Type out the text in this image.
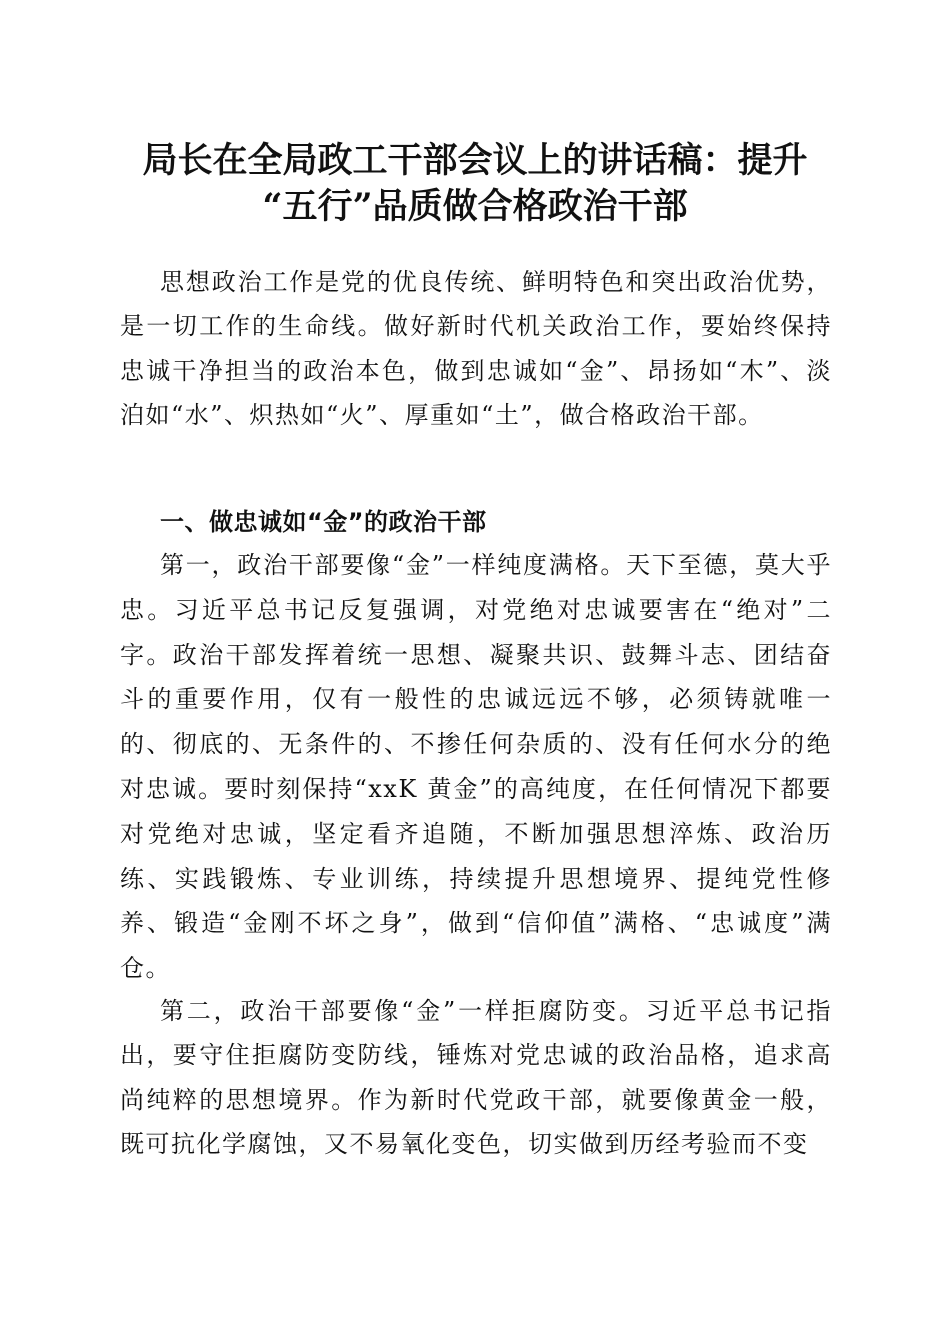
局长在全局政工干部会议上的讲话稿：提升
“五行”品质做合格政治干部

思想政治工作是党的优良传统、鲜明特色和突出政治优势，是一切工作的生命线。做好新时代机关政治工作，要始终保持忠诚干净担当的政治本色，做到忠诚如“金”、昂扬如“木”、淡泊如“水”、炽热如“火”、厚重如“土”，做合格政治干部。

一、做忠诚如“金”的政治干部

第一，政治干部要像“金”一样纯度满格。天下至德，莫大乎忠。习近平总书记反复强调，对党绝对忠诚要害在“绝对”二字。政治干部发挥着统一思想、凝聚共识、鼓舞斗志、团结奋斗的重要作用，仅有一般性的忠诚远远不够，必须铸就唯一的、彻底的、无条件的、不掺任何杂质的、没有任何水分的绝对忠诚。要时刻保持“xxK 黄金”的高纯度，在任何情况下都要对党绝对忠诚，坚定看齐追随，不断加强思想淬炼、政治历练、实践锻炼、专业训练，持续提升思想境界、提纯党性修养、锻造“金刚不坏之身”，做到“信仰值”满格、“忠诚度”满仓。

第二，政治干部要像“金”一样拒腐防变。习近平总书记指出，要守住拒腐防变防线，锤炼对党忠诚的政治品格，追求高尚纯粹的思想境界。作为新时代党政干部，就要像黄金一般，既可抗化学腐蚀，又不易氧化变色，切实做到历经考验而不变
